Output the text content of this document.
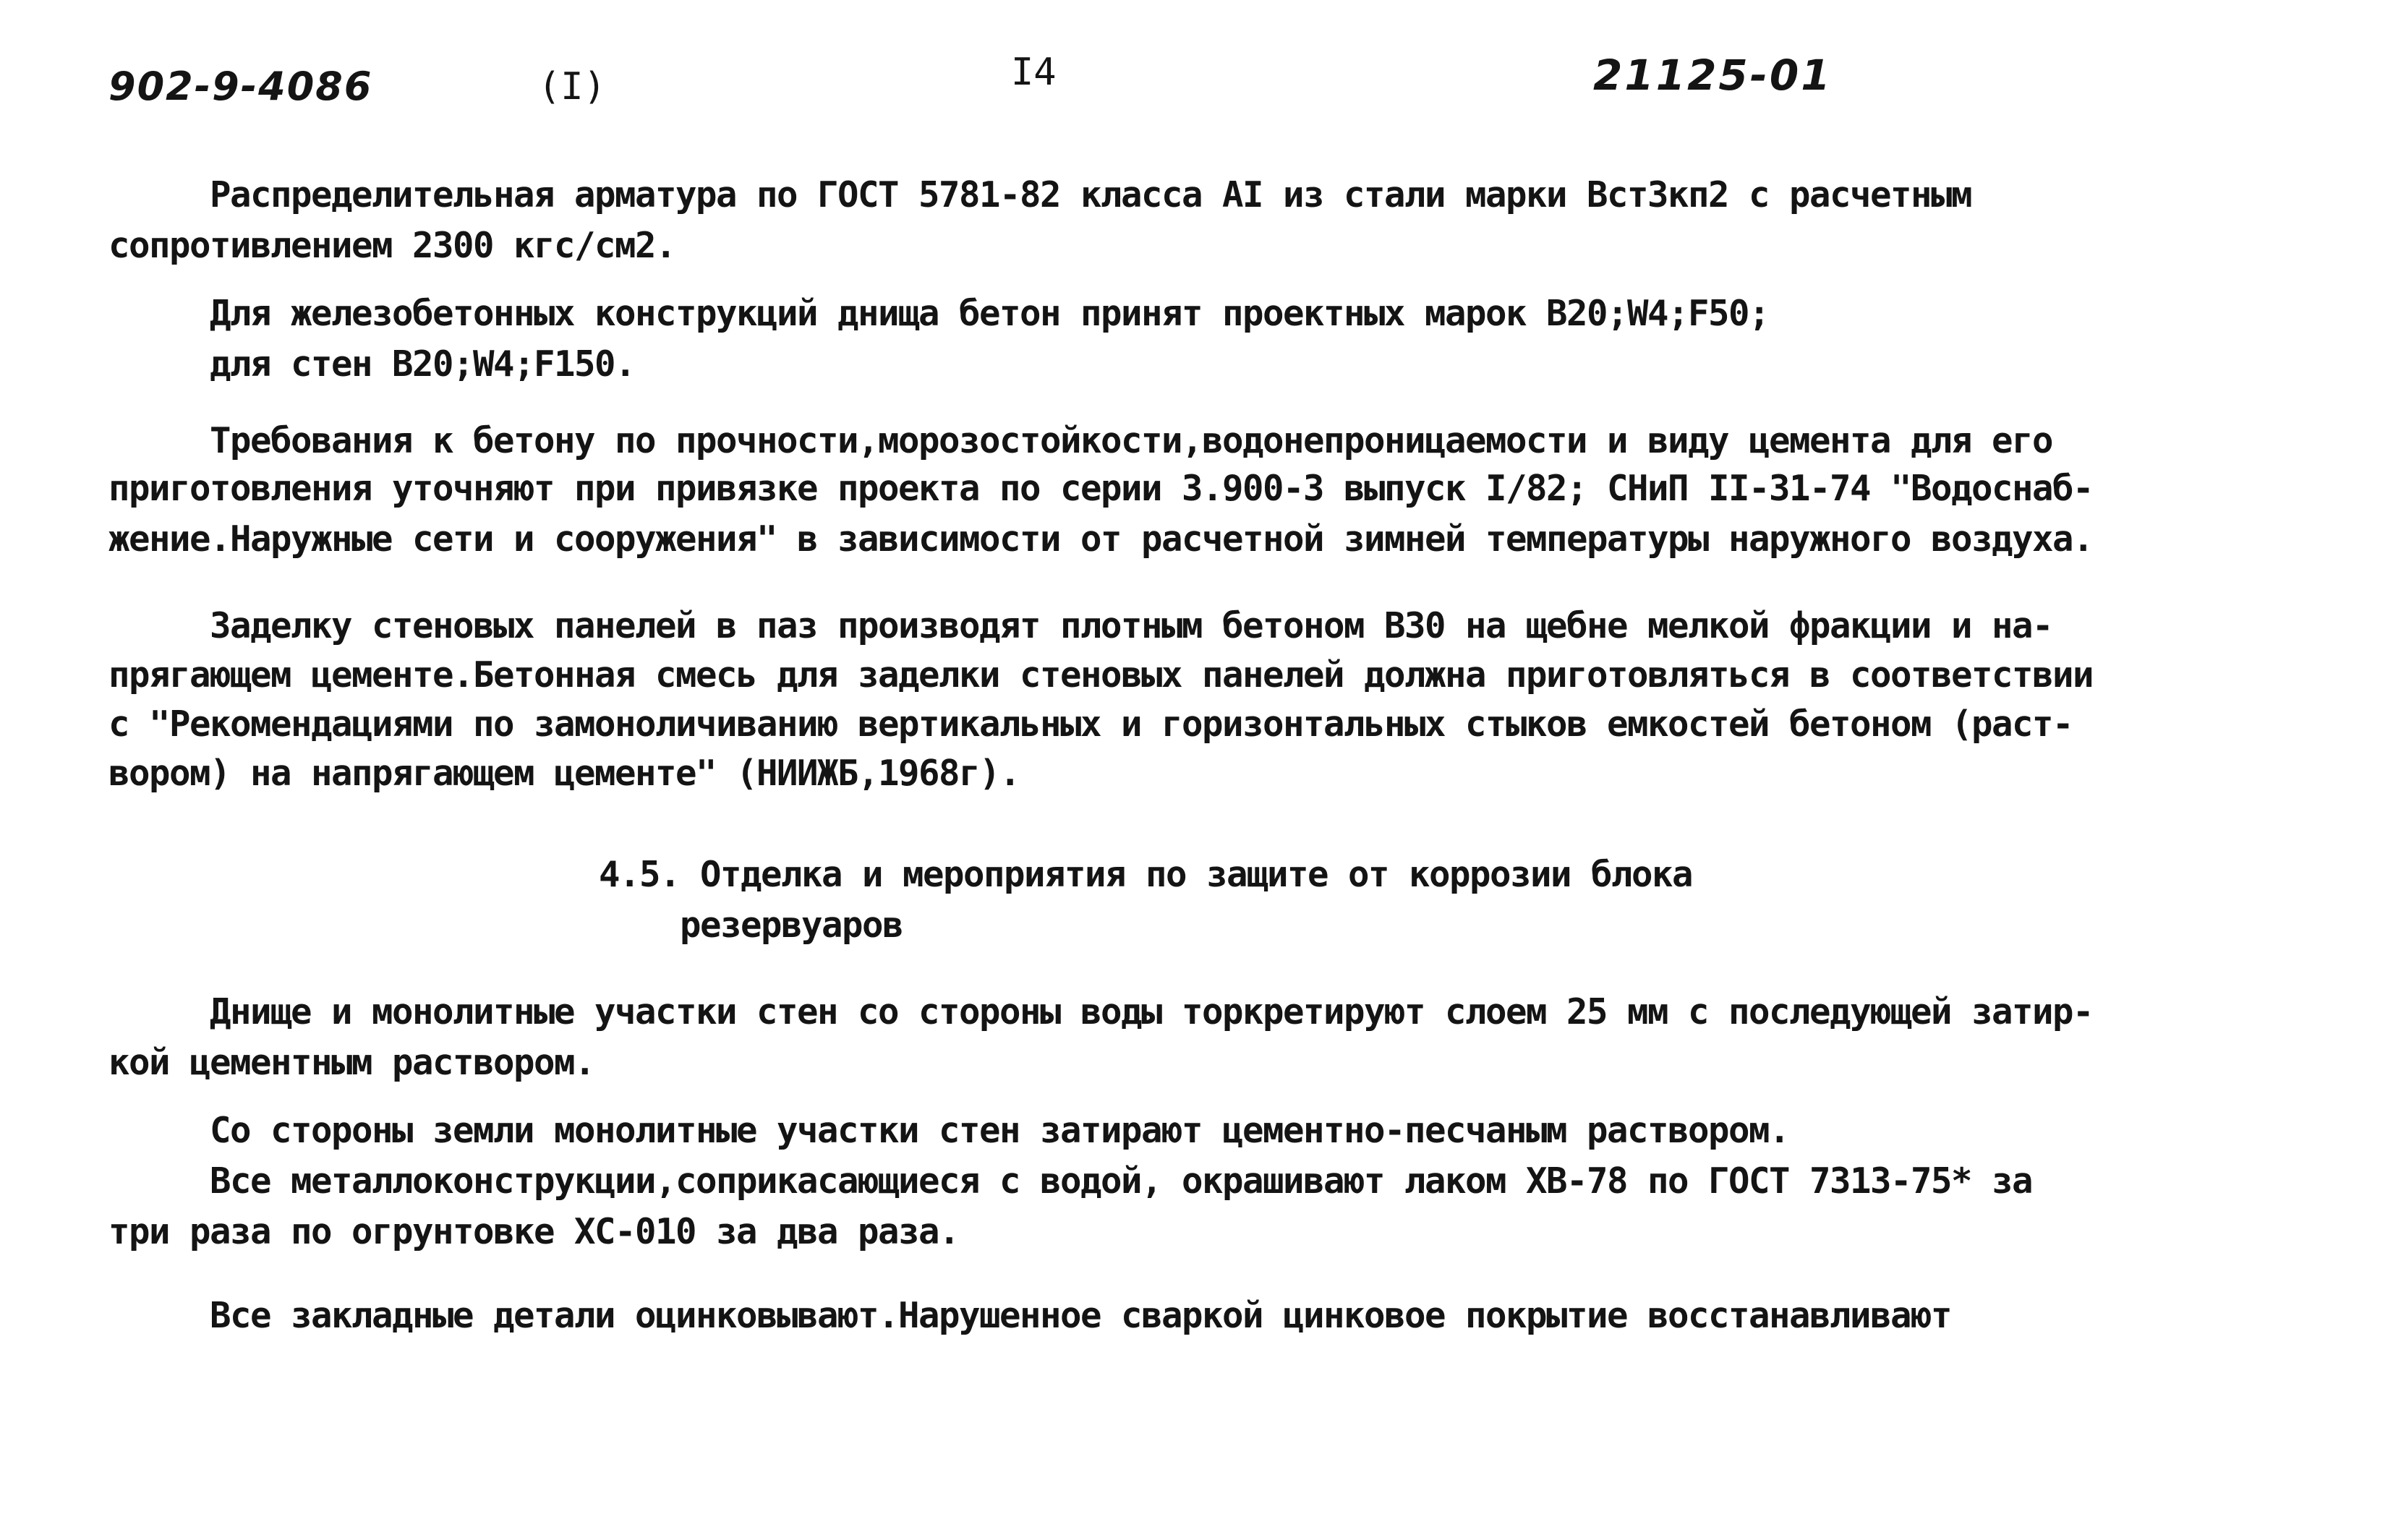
902-9-4086	(I)	I4	21125-01
Распределительная арматура по ГОСТ 5781-82 класса AI из стали марки ВстЗкп2 с расчетным
сопротивлением 2300 кгс/см2.
Для железобетонных конструкций днища бетон принят проектных марок В20;W4;F50;
для стен В20;W4;F150.
Требования к бетону по прочности,морозостойкости,водонепроницаемости и виду цемента для его
приготовления уточняют при привязке проекта по серии 3.900-3 выпуск I/82; СНиП II-31-74 "Водоснаб-
жение.Наружные сети и сооружения" в зависимости от расчетной зимней температуры наружного воздуха.
Заделку стеновых панелей в паз производят плотным бетоном В30 на щебне мелкой фракции и на-
прягающем цементе.Бетонная смесь для заделки стеновых панелей должна приготовляться в соответствии
с "Рекомендациями по замоноличиванию вертикальных и горизонтальных стыков емкостей бетоном (раст-
вором) на напрягающем цементе" (НИИЖБ,1968г).
4.5. Отделка и мероприятия по защите от коррозии блока
резервуаров
Днище и монолитные участки стен со стороны воды торкретируют слоем 25 мм с последующей затир-
кой цементным раствором.
Со стороны земли монолитные участки стен затирают цементно-песчаным раствором.
Все металлоконструкции,соприкасающиеся с водой, окрашивают лаком ХВ-78 по ГОСТ 7313-75* за
три раза по огрунтовке ХС-010 за два раза.
Все закладные детали оцинковывают.Нарушенное сваркой цинковое покрытие восстанавливают
